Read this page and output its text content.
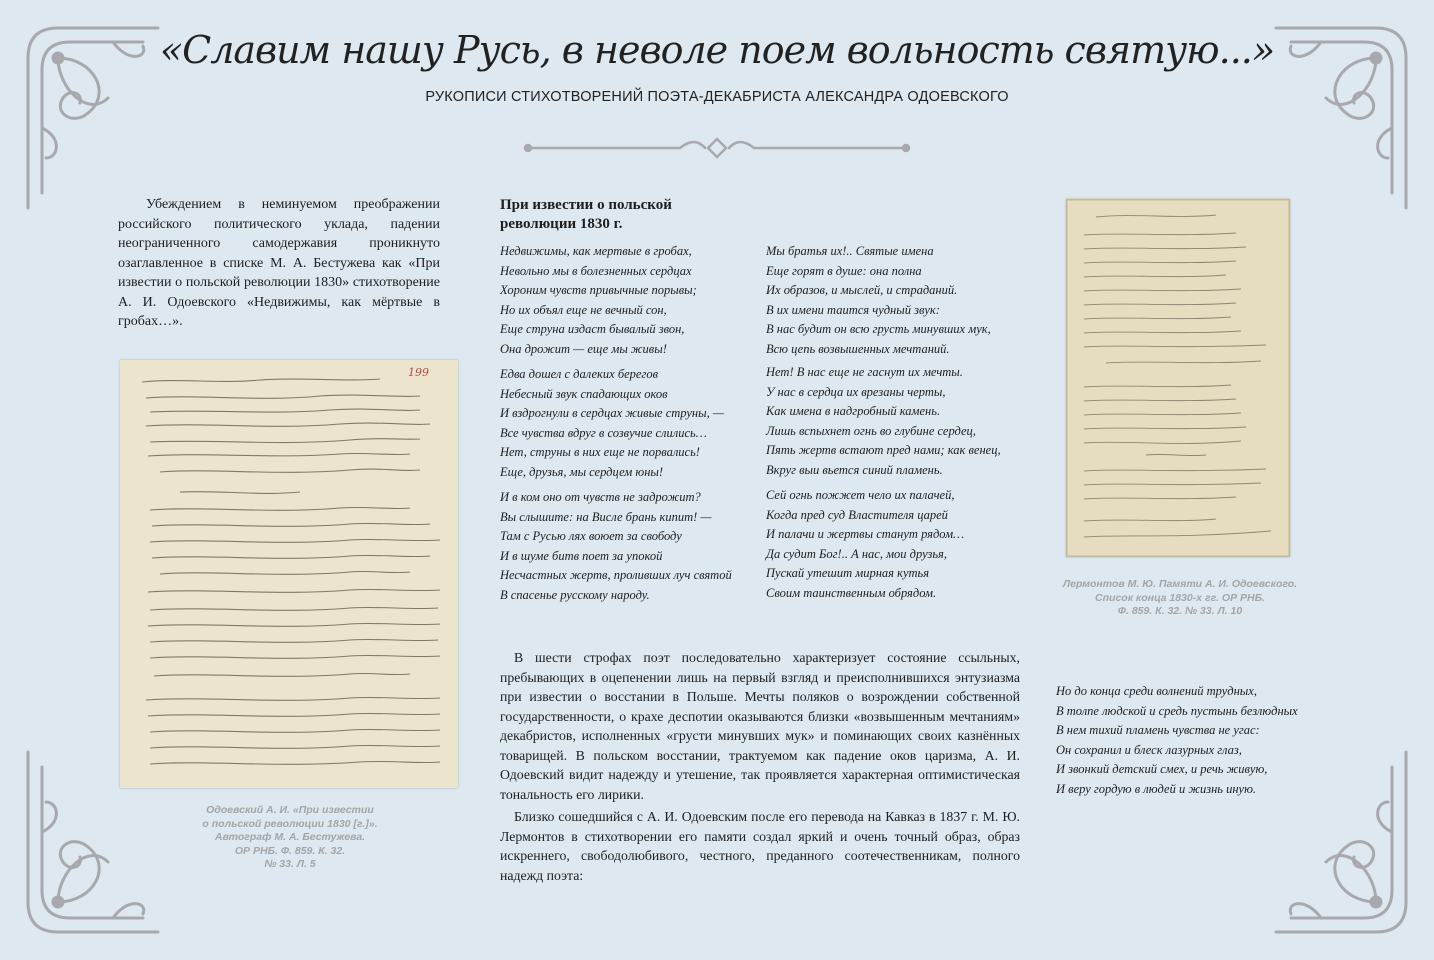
«Славим нашу Русь, в неволе поем вольность святую...»
РУКОПИСИ СТИХОТВОРЕНИЙ ПОЭТА-ДЕКАБРИСТА АЛЕКСАНДРА ОДОЕВСКОГО

Убеждением в неминуемом преображении российского политического уклада, падении неограниченного самодержавия проникнуто озаглавленное в списке М. А. Бестужева как «При известии о польской революции 1830» стихотворение А. И. Одоевского «Недвижимы, как мёртвые в гробах…».

199
Одоевский А. И. «При известии
о польской революции 1830 [г.]».
Автограф М. А. Бестужева.
ОР РНБ. Ф. 859. К. 32.
№ 33. Л. 5

При известии о польской революции 1830 г.

Недвижимы, как мертвые в гробах,
Невольно мы в болезненных сердцах
Хороним чувств привычные порывы;
Но их объял еще не вечный сон,
Еще струна издаст бывалый звон,
Она дрожит — еще мы живы!
Едва дошел с далеких берегов
Небесный звук спадающих оков
И вздрогнули в сердцах живые струны, —
Все чувства вдруг в созвучие слились…
Нет, струны в них еще не порвались!
Еще, друзья, мы сердцем юны!
И в ком оно от чувств не задрожит?
Вы слышите: на Висле брань кипит! —
Там с Русью лях воюет за свободу
И в шуме битв поет за упокой
Несчастных жертв, проливших луч святой
В спасенье русскому народу.
Мы братья их!.. Святые имена
Еще горят в душе: она полна
Их образов, и мыслей, и страданий.
В их имени таится чудный звук:
В нас будит он всю грусть минувших мук,
Всю цепь возвышенных мечтаний.
Нет! В нас еще не гаснут их мечты.
У нас в сердца их врезаны черты,
Как имена в надгробный камень.
Лишь вспыхнет огнь во глубине сердец,
Пять жертв встают пред нами; как венец,
Вкруг выи вьется синий пламень.
Сей огнь пожжет чело их палачей,
Когда пред суд Властителя царей
И палачи и жертвы станут рядом…
Да судит Бог!.. А нас, мои друзья,
Пускай утешит мирная кутья
Своим таинственным обрядом.
Лермонтов М. Ю. Памяти А. И. Одоевского.
Список конца 1830-х гг. ОР РНБ.
Ф. 859. К. 32. № 33. Л. 10

В шести строфах поэт последовательно характеризует состояние ссыльных, пребывающих в оцепенении лишь на первый взгляд и преисполнившихся энтузиазма при известии о восстании в Польше. Мечты поляков о возрождении собственной государственности, о крахе деспотии оказываются близки «возвышенным мечтаниям» декабристов, исполненных «грусти минувших мук» и поминающих своих казнённых товарищей. В польском восстании, трактуемом как падение оков царизма, А. И. Одоевский видит надежду и утешение, так проявляется характерная оптимистическая тональность его лирики.

Близко сошедшийся с А. И. Одоевским после его перевода на Кавказ в 1837 г. М. Ю. Лермонтов в стихотворении его памяти создал яркий и очень точный образ, образ искреннего, свободолюбивого, честного, преданного соотечественникам, полного надежд поэта:

Но до конца среди волнений трудных,
В толпе людской и средь пустынь безлюдных
В нем тихий пламень чувства не угас:
Он сохранил и блеск лазурных глаз,
И звонкий детский смех, и речь живую,
И веру гордую в людей и жизнь иную.
